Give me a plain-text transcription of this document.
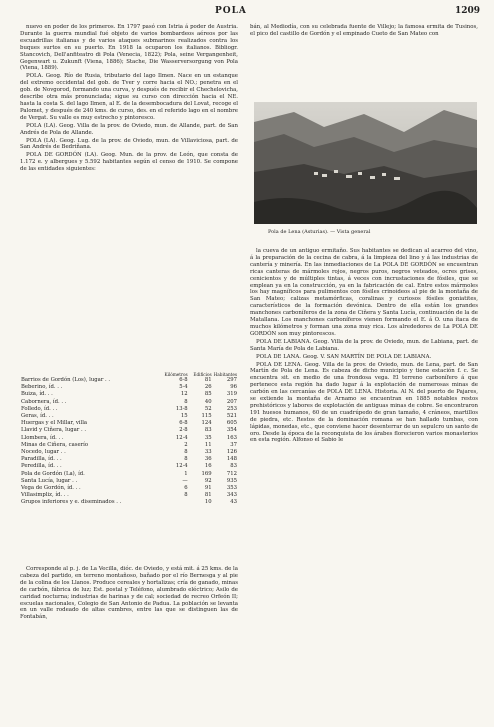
POLA	1209

nuevo en poder de los primeros. En 1797 pasó con Istria á poder de Austria. Durante la guerra mundial fué objeto de varios bombardeos aéreos por las escuadrillas italianas y de varios ataques submarinos realizados contra los buques surtos en su puerto. En 1918 la ocuparon los italianos. Bibliogr. Stancovich, Dell'anfiteatro di Pola (Venecia, 1822); Pola, seine Vergangenheit, Gegenwart u. Zukunft (Viena, 1886); Stache, Die Wasserversorgung von Pola (Viena, 1889).

POLA. Geog. Río de Rusia, tributario del lago Ilmen. Nace en un estanque del extremo occidental del gob. de Tver y corre hacia el NO.; penetra en el gob. de Novgorod, formando una curva, y después de recibir el Chechelovicha, describe otra más pronunciada; sigue su curso con dirección hacia el NE. hasta la costa S. del lago Ilmen, al E. de la desembocadura del Lovat, recoge el Palomet, y después de 240 kms. de curso, des. en el referido lago en el nombre de Vergat. Su valle es muy estrecho y pintoresco.

POLA (LA). Geog. Villa de la prov. de Oviedo, mun. de Allande, part. de San Andrés de Pola de Allande.

POLA (LA). Geog. Lug. de la prov. de Oviedo, mun. de Villaviciosa, part. de San Andrés de Bedriñana.

POLA DE GORDÓN (LA). Geog. Mun. de la prov. de León, que consta de 1.172 e. y albergues y 5.592 habitantes según el censo de 1910. Se compone de las entidades siguientes:

	Kilómetros	Edificios	Habitantes
Barrios de Gordón (Los), lugar . .	6·8	81	297
Beberino, íd. . .	5·4	26	96
Buiza, íd. . .	12	85	319
Cabornera, íd. . .	8	40	207
Folledo, íd. . .	13·8	52	253
Geras, íd. . .	15	115	521
Huergas y el Millar, villa	6·8	124	605
Llavid y Ciñera, lugar . .	2·8	83	354
Llombera, íd. . .	12·4	35	163
Minas de Ciñera, caserío	2	11	37
Nocedo, lugar . .	8	33	126
Paradilla, íd. . .	8	36	148
Peredilla, íd. . .	12·4	16	83
Pola de Gordón (La), íd.	1	169	712
Santa Lucía, lugar . .	—	92	935
Vega de Gordón, íd. . .	6	91	353
Villasimpliz, íd. . .	8	81	343
Grupos inferiores y e. diseminados . .		10	43

Corresponde al p. j. de La Vecilla, dióc. de Oviedo, y está mit. á 25 kms. de la cabeza del partido, en terreno montañoso, bañado por el río Bernesga y al pie de la colina de los Llanos. Produce cereales y hortalizas; cría de ganado, minas de carbón, fábrica de luz; Est. postal y Teléfono, alumbrado eléctrico; Asilo de caridad nocturna; industrias de harinas y de cal; sociedad de recreo Orfeón II; escuelas nacionales, Colegio de San Antonio de Padua. La población se levanta en un valle rodeado de altas cumbres, entre las que se distinguen las de Fontabán,

bán, al Mediodía, con su celebrada fuente de Villejo; la famosa ermita de Tusinos, el pico del castillo de Gordón y el empinado Cueto de San Mateo con

Pola de Lena (Asturias). — Vista general

la cueva de un antiguo ermitaño. Sus habitantes se dedican al acarreo del vino, á la preparación de la cecina de cabra, á la limpieza del lino y á las industrias de cantería y minería. En las inmediaciones de La POLA DE GORDÓN se encuentran ricas canteras de mármoles rojos, negros puros, negros veteados, ocres grises, cenicientos y de múltiples tintas, á veces con incrustaciones de fósiles, que se emplean ya en la construcción, ya en la fabricación de cal. Entre estos mármoles los hay magníficos para pulimentos con fósiles crinoideos al pie de la montaña de San Mateo; calizas metamórficas, coralinas y curiosos fósiles goniatites, característicos de la formación devónica. Dentro de ella están los grandes manchones carboníferos de la zona de Ciñera y Santa Lucía, continuación de la de Matallana. Los manchones carboníferos vienen formando el E. á O. una ítaca de muchos kilómetros y forman una zona muy rica. Los alrededores de La POLA DE GORDÓN son muy pintorescos.

POLA DE LABIANA. Geog. Villa de la prov. de Oviedo, mun. de Labiana, part. de Santa María de Pola de Labiana.

POLA DE LANA. Geog. V. SAN MARTÍN DE POLA DE LABIANA.

POLA DE LENA. Geog. Villa de la prov. de Oviedo, mun. de Lena, part. de San Martín de Pola de Lena. Es cabeza de dicho municipio y tiene estación f. c. Se encuentra sit. en medio de una frondosa vega. El terreno carbonífero á que pertenece esta región ha dado lugar á la explotación de numerosas minas de carbón en las cercanías de POLA DE LENA. Historia. Al N. del puerto de Pajares, se extiende la montaña de Arnamo se encuentran en 1885 notables restos prehistóricos y labores de explotación de antiguas minas de cobre. Se encontraron 191 huesos humanos, 60 de un cuadrúpedo de gran tamaño, 4 cráneos, martillos de piedra, etc. Restos de la dominación romana se han hallado tumbas, con lápidas, monedas, etc., que conviene hacer desenterrar de un sepulcro un santo de oro. Desde la época de la reconquista de los árabes florecieron varios monasterios en esta región. Alfonso el Sabio le
